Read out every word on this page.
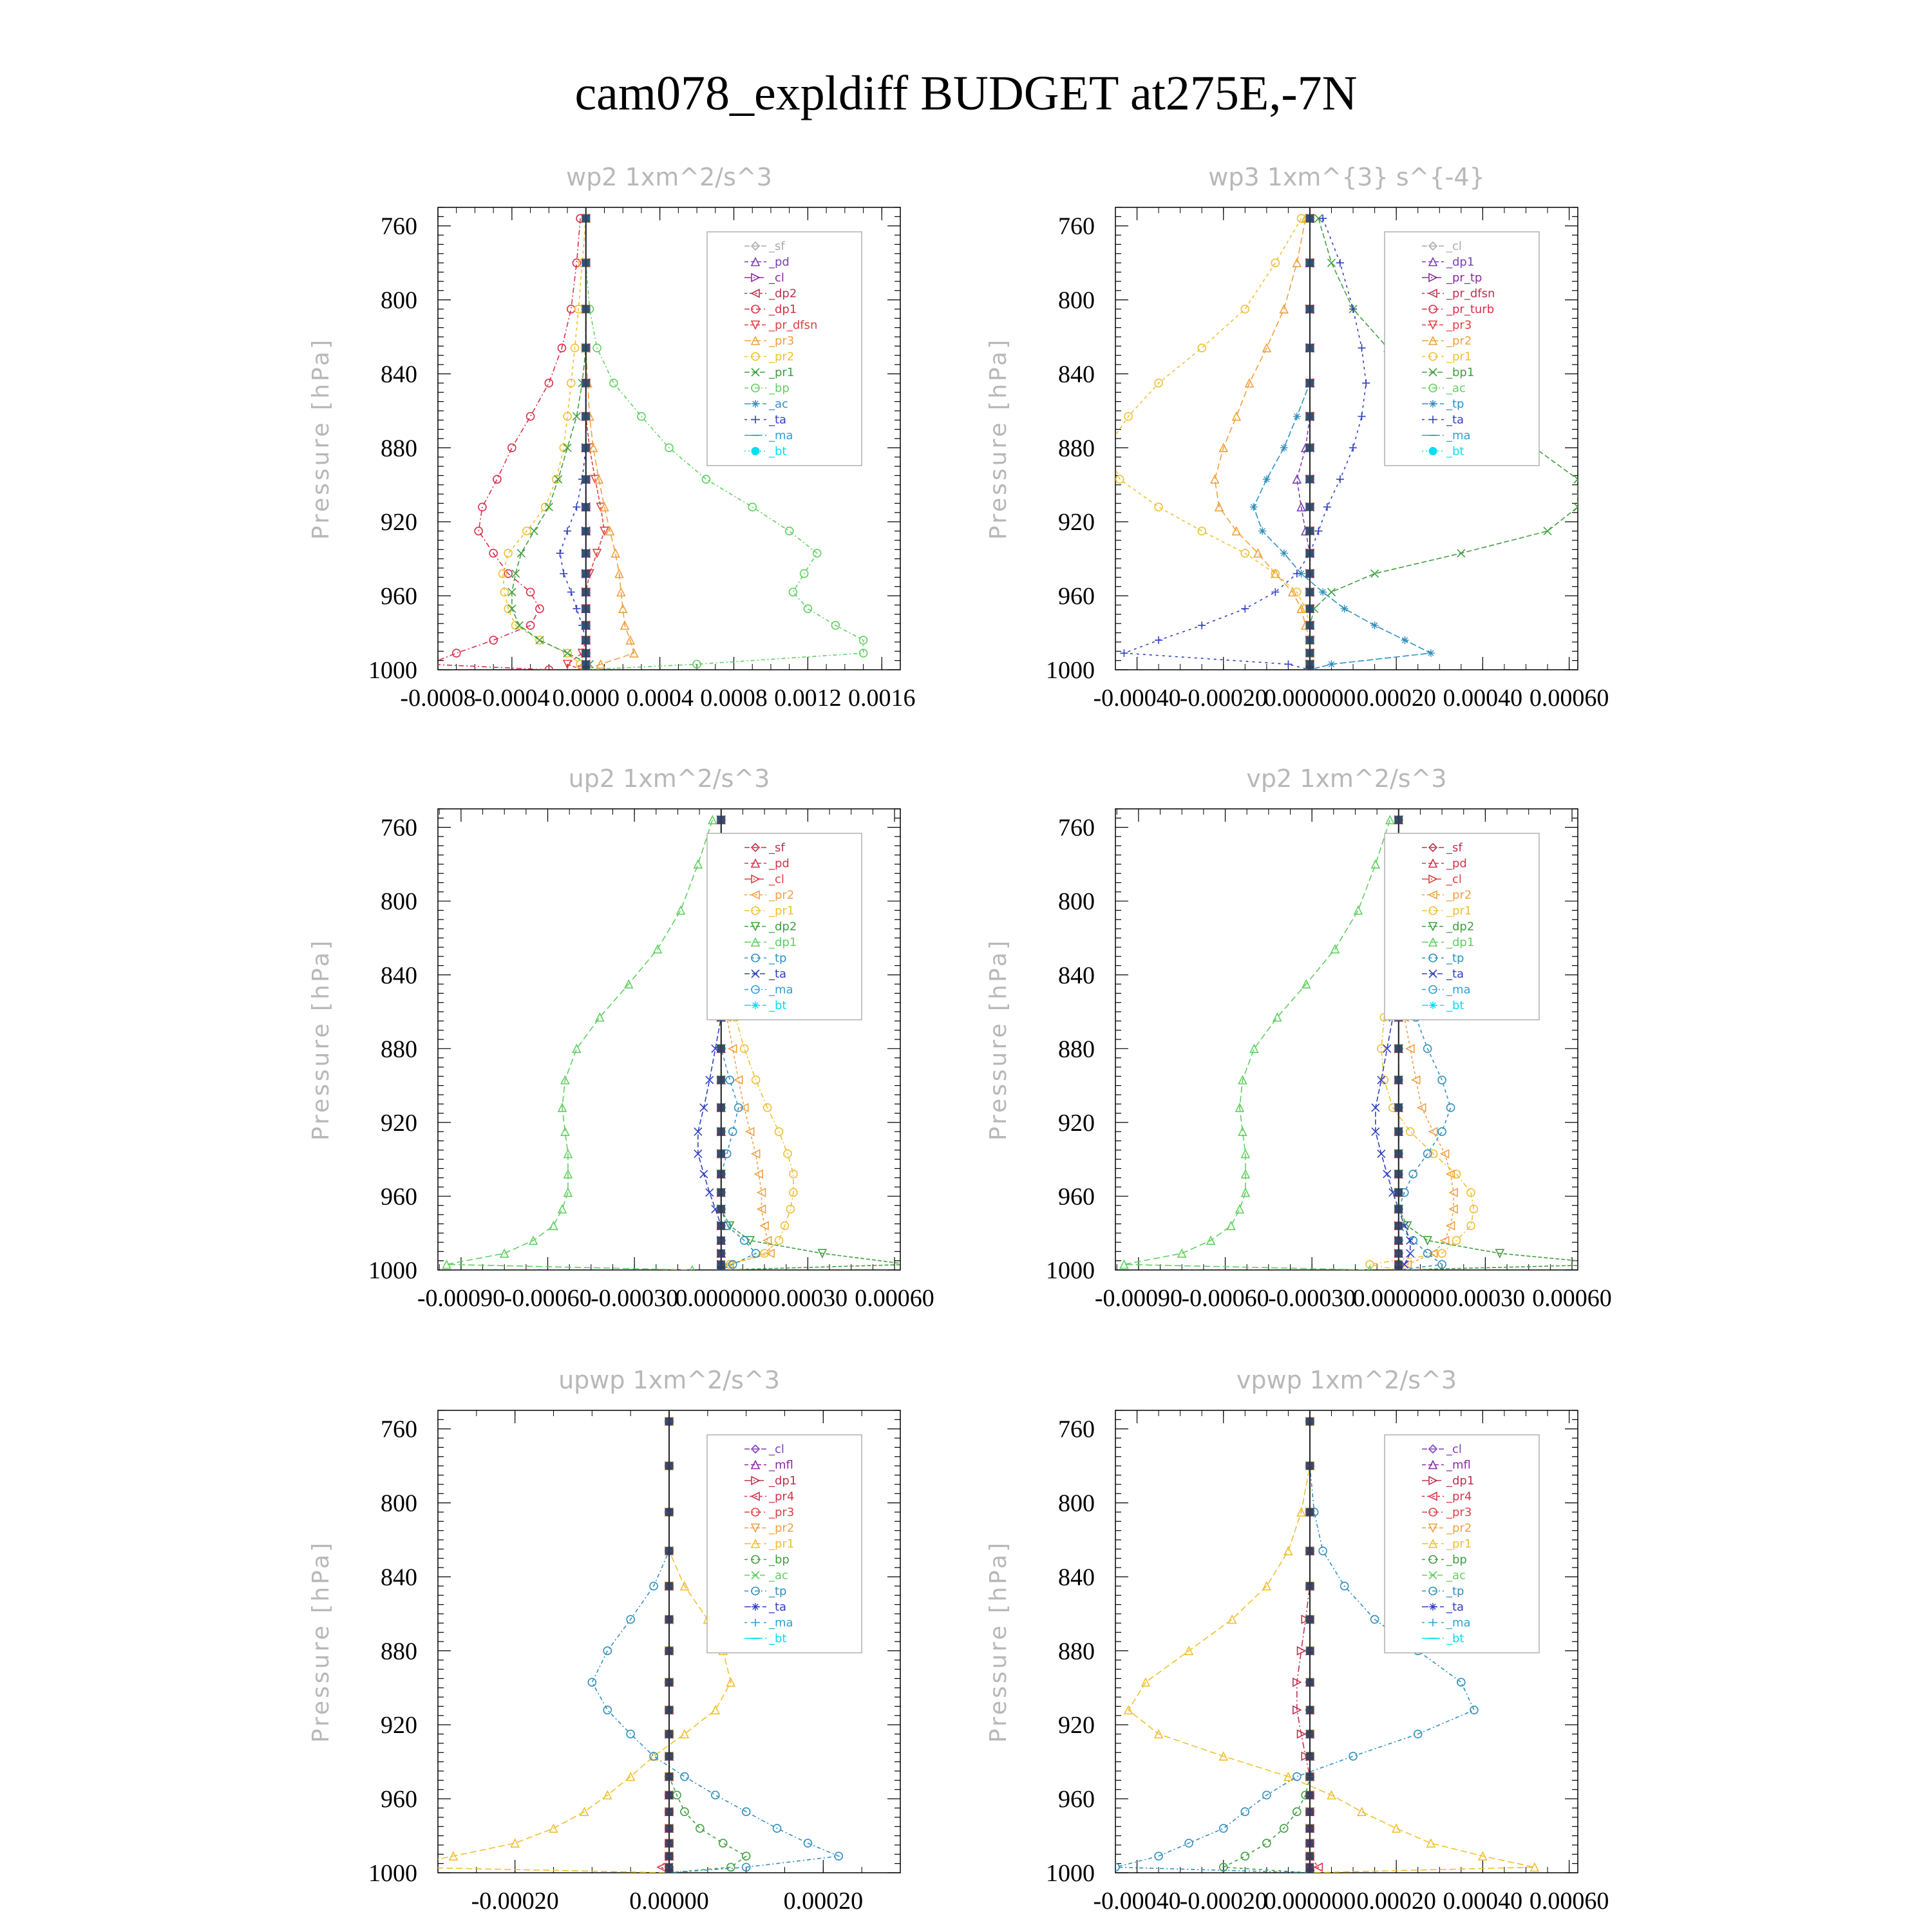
cam078_expldiff BUDGET at275E,-7N
wp2 1xm^2/s^3
Pressure [hPa]
760
800
840
880
920
960
1000
-0.0008
-0.0004 0.0000 0.0004 0.0008 0.0012 0.0016
_sf
_pd
_cl
_dp2
_dp1
_pr_dfsn
_pr3
_pr2
_pr1
_bp
_ac
_ta
_ma
_bt
wp3 1xm^{3} s^{-4}
Pressure [hPa]
760
800
840
880
920
960
1000
-0.00040
-0.00020
0.000000 0.00020 0.00040 0.00060
_cl
_dp1
_pr_tp
_pr_dfsn
_pr_turb
_pr3
_pr2
_pr1
_bp1
_ac
_tp
_ta
_ma
_bt
up2 1xm^2/s^3
Pressure [hPa]
760
800
840
880
920
960
1000
-0.00090
-0.00060
-0.00030
0.000000 0.00030 0.00060
_sf
_pd
_cl
_pr2
_pr1
_dp2
_dp1
_tp
_ta
_ma
_bt
vp2 1xm^2/s^3
Pressure [hPa]
760
800
840
880
920
960
1000
-0.00090
-0.00060
-0.00030
0.000000 0.00030 0.00060
_sf
_pd
_cl
_pr2
_pr1
_dp2
_dp1
_tp
_ta
_ma
_bt
upwp 1xm^2/s^3
Pressure [hPa]
760
800
840
880
920
960
1000
-0.00020	0.00000	0.00020
_cl
_mfl
_dp1
_pr4
_pr3
_pr2
_pr1
_bp
_ac
_tp
_ta
_ma
_bt
vpwp 1xm^2/s^3
Pressure [hPa]
760
800
840
880
920
960
1000
-0.00040
-0.00020
0.000000 0.00020 0.00040 0.00060
_cl
_mfl
_dp1
_pr4
_pr3
_pr2
_pr1
_bp
_ac
_tp
_ta
_ma
_bt
